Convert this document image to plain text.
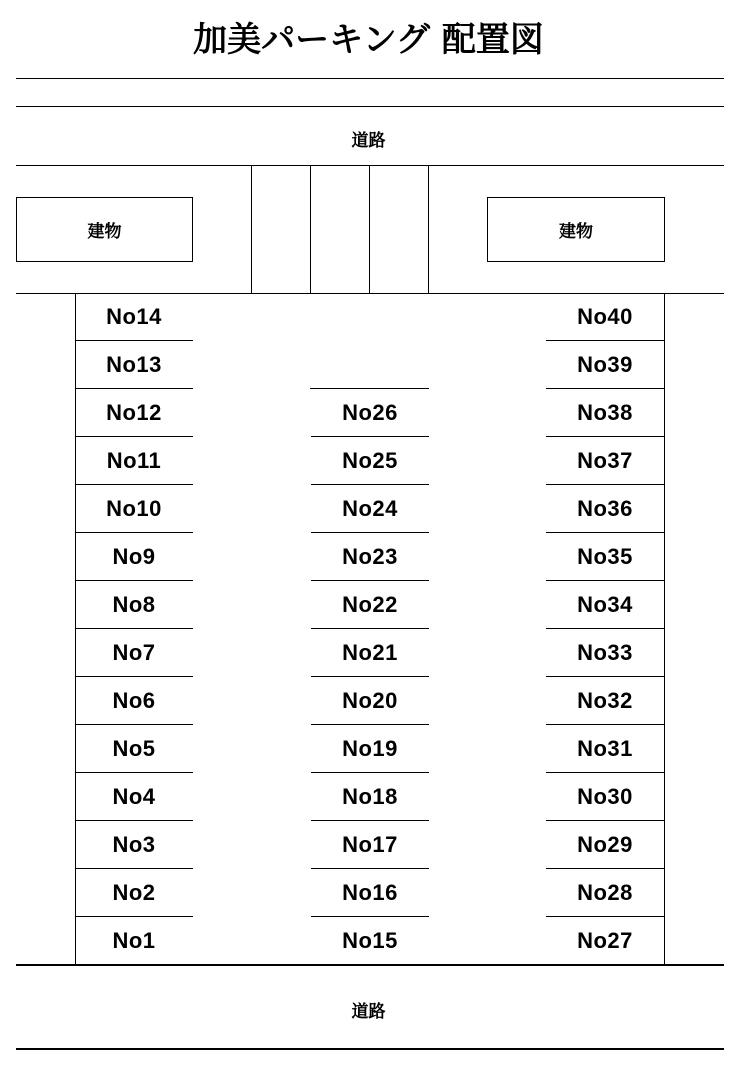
加美パーキング 配置図
道路
建物	建物
No14
No13
No12
No11
No10
No9
No8
No7
No6
No5
No4
No3
No2
No1
No26
No25
No24
No23
No22
No21
No20
No19
No18
No17
No16
No15
No40
No39
No38
No37
No36
No35
No34
No33
No32
No31
No30
No29
No28
No27
道路
